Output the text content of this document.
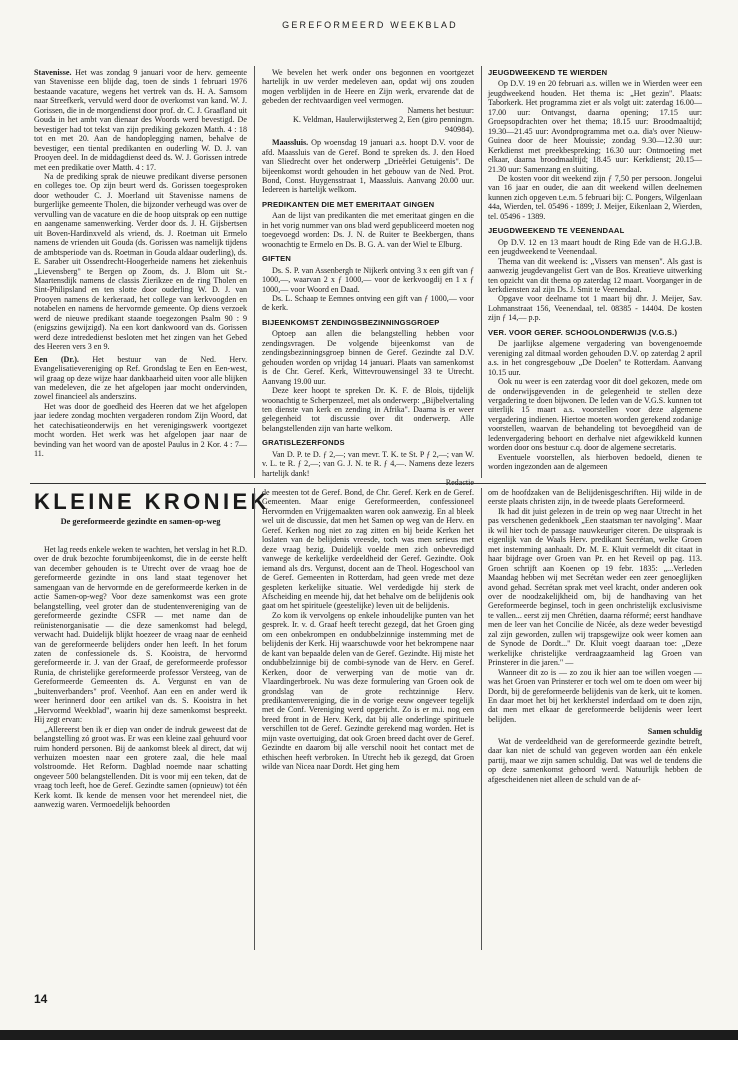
GEREFORMEERD WEEKBLAD

Stavenisse. Het was zondag 9 januari voor de herv. gemeente van Stavenisse een blijde dag, toen de sinds 1 februari 1976 bestaande vacature, wegens het vertrek van ds. H. A. Samsom naar Streefkerk, vervuld werd door de overkomst van kand. W. J. Gorissen, die in de morgendienst door prof. dr. C. J. Graafland uit Gouda in het ambt van dienaar des Woords werd bevestigd. De bevestiger had tot tekst van zijn prediking gekozen Matth. 4 : 18 tot en met 20. Aan de handoplegging namen, behalve de bevestiger, een tiental predikanten en ouderling W. D. J. van Prooyen deel. In de middagdienst deed ds. W. J. Gorissen intrede met een predikatie over Matth. 4 : 17.

Na de prediking sprak de nieuwe predikant diverse personen en colleges toe. Op zijn beurt werd ds. Gorissen toegesproken door wethouder C. J. Moerland uit Stavenisse namens de burgerlijke gemeente Tholen, die bijzonder verheugd was over de vervulling van de vacature en die de hoop uitsprak op een nuttige en aangename samenwerking. Verder door ds. J. H. Gijsbertsen uit Boven-Hardinxveld als vriend, ds. J. Roetman uit Ermelo namens de vrienden uit Gouda (ds. Gorissen was namelijk tijdens de ambtsperiode van ds. Roetman in Gouda aldaar ouderling), ds. E. Saraber uit Ossendrecht-Hoogerheide namens het ziekenhuis „Lievensberg" te Bergen op Zoom, ds. J. Blom uit St.-Maartensdijk namens de classis Zierikzee en de ring Tholen en Sint-Philipsland en ten slotte door ouderling W. D. J. van Prooyen namens de kerkeraad, het college van kerkvoogden en notabelen en namens de hervormde gemeente. Op diens verzoek werd de nieuwe predikant staande toegezongen Psalm 90 : 9 (enigszins gewijzigd). Na een kort dankwoord van ds. Gorissen werd deze intrededienst besloten met het zingen van het Gebed des Heeren vers 3 en 9.

Een (Dr.). Het bestuur van de Ned. Herv. Evangelisatievereniging op Ref. Grondslag te Een en Een-west, wil graag op deze wijze haar dankbaarheid uiten voor alle blijken van medeleven, die ze het afgelopen jaar mocht ondervinden, zowel financieel als anderszins.

Het was door de goedheid des Heeren dat we het afgelopen jaar iedere zondag mochten vergaderen rondom Zijn Woord, dat het catechisatieonderwijs en het verenigingswerk voortgezet mocht worden. Het werk was het afgelopen jaar naar de bevinding van het woord van de apostel Paulus in 2 Kor. 4 : 7—11.

We bevelen het werk onder ons begonnen en voortgezet hartelijk in uw verder medeleven aan, opdat wij ons zouden mogen verblijden in de Heere en Zijn werk, ervarende dat de gebeden der rechtvaardigen veel vermogen.

Namens het bestuur:

K. Veldman, Haulerwijksterweg 2, Een (giro penningm. 940984).

Maassluis. Op woensdag 19 januari a.s. hoopt D.V. voor de afd. Maassluis van de Geref. Bond te spreken ds. J. den Hoed van Sliedrecht over het onderwerp „Drieërlei Getuigenis". De bijeenkomst wordt gehouden in het gebouw van de Ned. Prot. Bond, Const. Huygensstraat 1, Maassluis. Aanvang 20.00 uur. Iedereen is hartelijk welkom.

PREDIKANTEN DIE MET EMERITAAT GINGEN

Aan de lijst van predikanten die met emeritaat gingen en die in het vorig nummer van ons blad werd gepubliceerd moeten nog toegevoegd worden: Ds. J. N. de Ruiter te Beekbergen, thans woonachtig te Ermelo en Ds. B. G. A. van der Wiel te Elburg.

GIFTEN

Ds. S. P. van Assenbergh te Nijkerk ontving 3 x een gift van ƒ 1000,—, waarvan 2 x ƒ 1000,— voor de kerkvoogdij en 1 x ƒ 1000,— voor Woord en Daad.

Ds. L. Schaap te Eemnes ontving een gift van ƒ 1000,— voor de kerk.

BIJEENKOMST ZENDINGSBEZINNINGSGROEP

Optoep aan allen die belangstelling hebben voor zendingsvragen. De volgende bijeenkomst van de zendingsbezinningsgroep binnen de Geref. Gezindte zal D.V. gehouden worden op vrijdag 14 januari. Plaats van samenkomst is de Chr. Geref. Kerk, Wittevrouwensingel 33 te Utrecht. Aanvang 19.00 uur.

Deze keer hoopt te spreken Dr. K. F. de Blois, tijdelijk woonachtig te Scherpenzeel, met als onderwerp: „Bijbelvertaling ten dienste van kerk en zending in Afrika". Daarna is er weer gelegenheid tot discussie over dit onderwerp. Alle belangstellenden zijn van harte welkom.

GRATISLEZERFONDS

Van D. P. te D. ƒ 2,—; van mevr. T. K. te St. P ƒ 2,—; van W. v. L. te R. ƒ 2,—; van G. J. N. te R. ƒ 4,—. Namens deze lezers hartelijk dank!

Redactie

JEUGDWEEKEND TE WIERDEN

Op D.V. 19 en 20 februari a.s. willen we in Wierden weer een jeugdweekend houden. Het thema is: „Het gezin". Plaats: Taborkerk. Het programma ziet er als volgt uit: zaterdag 16.00—17.00 uur: Ontvangst, daarna opening; 17.15 uur: Groepsopdrachten over het thema; 18.15 uur: Broodmaaltijd; 19.30—21.45 uur: Avondprogramma met o.a. dia's over Nieuw-Guinea door de heer Mouissie; zondag 9.30—12.30 uur: Kerkdienst met preekbespreking; 16.30 uur: Ontmoeting met elkaar, daarna broodmaaltijd; 18.45 uur: Kerkdienst; 20.15—21.30 uur: Samenzang en sluiting.

De kosten voor dit weekend zijn ƒ 7,50 per persoon. Jongelui van 16 jaar en ouder, die aan dit weekend willen deelnemen kunnen zich opgeven t.e.m. 5 februari bij: C. Pongers, Wilgenlaan 44a, Wierden, tel. 05496 - 1899; J. Meijer, Eikenlaan 2, Wierden, tel. 05496 - 1389.

JEUGDWEEKEND TE VEENENDAAL

Op D.V. 12 en 13 maart houdt de Ring Ede van de H.G.J.B. een jeugdweekend te Veenendaal.

Thema van dit weekend is: „Vissers van mensen". Als gast is aanwezig jeugdevangelist Gert van de Bos. Kreatieve uitwerking ten opzicht van dit thema op zaterdag 12 maart. Voorganger in de kerkdiensten zal zijn Ds. J. Smit te Veenendaal.

Opgave voor deelname tot 1 maart bij dhr. J. Meijer, Sav. Lohmanstraat 156, Veenendaal, tel. 08385 - 14404. De kosten zijn ƒ 14,— p.p.

VER. VOOR GEREF. SCHOOLONDERWIJS (V.G.S.)

De jaarlijkse algemene vergadering van bovengenoemde vereniging zal ditmaal worden gehouden D.V. op zaterdag 2 april a.s. in het congresgebouw „De Doelen" te Rotterdam. Aanvang 10.15 uur.

Ook nu weer is een zaterdag voor dit doel gekozen, mede om de onderwijsgevenden in de gelegenheid te stellen deze vergadering te doen bijwonen. De leden van de V.G.S. kunnen tot uiterlijk 15 maart a.s. voorstellen voor deze algemene vergadering indienen. Hiertoe moeten worden gerekend zodanige voorstellen, waarvan de behandeling tot bevoegdheid van de ledenvergadering behoort en derhalve niet afgewikkeld kunnen worden door ons bestuur c.q. door de algemene secretaris.

Eventuele voorstellen, als hierboven bedoeld, dienen te worden ingezonden aan de algemeen

KLEINE KRONIEK
De gereformeerde gezindte en samen-op-weg

Het lag reeds enkele weken te wachten, het verslag in het R.D. over de druk bezochte forumbijeenkomst, die in de eerste helft van december gehouden is te Utrecht over de vraag hoe de gereformeerde gezindte in ons land staat tegenover het samengaan van de hervormde en de gereformeerde kerken in de actie Samen-op-weg? Voor deze samenkomst was een grote belangstelling, veel groter dan de studentenvereniging van de gereformeerde gezindte CSFR — met name dan de reünistenorganisatie — die deze samenkomst had belegd, verwacht had. Duidelijk blijkt hoezeer de vraag naar de eenheid van de gereformeerde belijders onder hen leeft. In het forum zaten de confessionele ds. S. Kooistra, de hervormd gereformeerde ir. J. van der Graaf, de gereformeerde professor Runia, de christelijke gereformeerde professor Versteeg, van de Gereformeerde Gemeenten ds. A. Vergunst en van de „buitenverbanders" prof. Veenhof. Aan een en ander werd ik weer herinnerd door een artikel van ds. S. Kooistra in het „Hervormd Weekblad", waarin hij deze samenkomst bespreekt. Hij zegt ervan:

„Allereerst ben ik er diep van onder de indruk geweest dat de belangstelling zó groot was. Er was een kleine zaal gehuurd voor ruim honderd personen. Bij de aankomst bleek al direct, dat wij verhuizen moesten naar een grotere zaal, die hele maal volstroomde. Het Reform. Dagblad noemde naar schatting ongeveer 500 belangstellenden. Dit is voor mij een teken, dat de vraag toch leeft, hoe de Geref. Gezindte samen (opnieuw) tot één Kerk komt. Ik kende de mensen voor het merendeel niet, die aanwezig waren. Vermoedelijk behoorden

de meesten tot de Geref. Bond, de Chr. Geref. Kerk en de Geref. Gemeenten. Maar enige Gereformeerden, confessioneel Hervormden en Vrijgemaakten waren ook aanwezig. En al bleek wel uit de discussie, dat men het Samen op weg van de Herv. en Geref. Kerken nog niet zo zag zitten en bij beide Kerken het loslaten van de belijdenis vreesde, toch was men serieus met deze vraag bezig. Duidelijk voelde men zich onbevredigd vanwege de kerkelijke verdeeldheid der Geref. Gezindte. Ook iemand als drs. Vergunst, docent aan de Theol. Hogeschool van de Geref. Gemeenten in Rotterdam, had geen vrede met deze gespleten kerkelijke situatie. Wel verdedigde hij sterk de Afscheiding en meende hij, dat het behalve om de belijdenis ook gaat om het spirituele (geestelijke) leven uit de belijdenis.

Zo kom ik vervolgens op enkele inhoudelijke punten van het gesprek. Ir. v. d. Graaf heeft terecht gezegd, dat het Groen ging om een onbekrompen en ondubbelzinnige instemming met de belijdenis der Kerk. Hij waarschuwde voor het bekrompene naar de kant van bepaalde delen van de Geref. Gezindte. Hij miste het ondubbelzinnige bij de combi-synode van de Herv. en Geref. Kerken, door de verwerping van de motie van dr. Vlaardingerbroek. Nu was deze formulering van Groen ook de grondslag van de grote rechtzinnige Herv. predikantenvereniging, die in de vorige eeuw ongeveer tegelijk met de Conf. Vereniging werd opgericht. Zo is er m.i. nog een breed front in de Herv. Kerk, dat bij alle onderlinge spirituele verschillen tot de Geref. Gezindte gerekend mag worden. Het is mijn vaste overtuiging, dat ook Groen breed dacht over de Geref. Gezindte en daarom bij alle verschil nooit het contact met de ethischen heeft verbroken. In Utrecht heb ik gezegd, dat Groen wilde van Nicea naar Dordt. Het ging hem

om de hoofdzaken van de Belijdenisgeschriften. Hij wilde in de eerste plaats christen zijn, in de tweede plaats Gereformeerd.

Ik had dit juist gelezen in de trein op weg naar Utrecht in het pas verschenen gedenkboek „Een staatsman ter navolging". Maar ik wil hier toch de passage nauwkeuriger citeren. De uitspraak is eigenlijk van de Waals Herv. predikant Secrétan, welke Groen met instemming aanhaalt. Dr. M. E. Kluit vermeldt dit citaat in haar bijdrage over Groen van Pr. en het Reveil op pag. 113. Groen schrijft aan Koenen op 19 febr. 1835: „...Verleden Maandag hebben wij met Secrétan weder een zeer genoeglijken avond gehad. Secrétan sprak met veel kracht, onder anderen ook over de noodzakelijkheid om, bij de handhaving van het Gereformeerde beginsel, toch in geen onchristelijk exclusivisme te vallen... eerst zij men Chrétien, daarna réformé; eerst handhave men de leer van het Concilie de Nicée, als deze weder bevestigd zal zijn geworden, zullen wij trapsgewijze ook weer komen aan de Synode de Dordt..." Dr. Kluit voegt daaraan toe: „Deze werkelijke christelijke verdraagzaamheid lag Groen van Prinsterer in die jaren." —

Wanneer dit zo is — zo zou ik hier aan toe willen voegen — was het Groen van Prinsterer er toch wel om te doen om weer bij Dordt, bij de gereformeerde belijdenis van de kerk, uit te komen. En daar moet het bij het kerkherstel inderdaad om te doen zijn, dat men met elkaar de gereformeerde belijdenis weer leert belijden.

Samen schuldig

Wat de verdeeldheid van de gereformeerde gezindte betreft, daar kan niet de schuld van gegeven worden aan één enkele partij, maar we zijn samen schuldig. Dat was wel de tendens die op deze samenkomst gehoord werd. Natuurlijk hebben de afgescheidenen niet alleen de schuld van de af-

14
